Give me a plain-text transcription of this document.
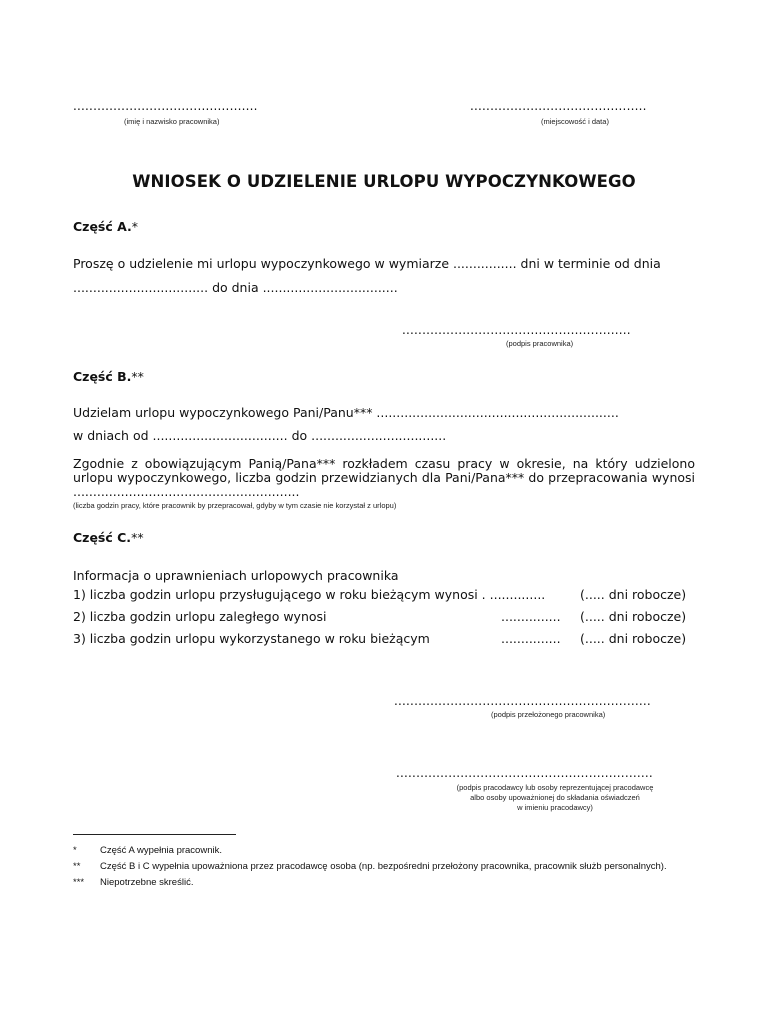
..............................................
(imię i nazwisko pracownika)
............................................
(miejscowość i data)
WNIOSEK O UDZIELENIE URLOPU WYPOCZYNKOWEGO
Część A.*
Proszę o udzielenie mi urlopu wypoczynkowego w wymiarze ................ dni w terminie od dnia
.................................. do dnia ..................................
.........................................................
(podpis pracownika)
Część B.**
Udzielam urlopu wypoczynkowego Pani/Panu*** .............................................................
w dniach od .................................. do ..................................
Zgodnie z obowiązującym Panią/Pana*** rozkładem czasu pracy w okresie, na który udzielono urlopu wypoczynkowego, liczba godzin przewidzianych dla Pani/Pana*** do przepracowania wynosi .........................................................
(liczba godzin pracy, które pracownik by przepracował, gdyby w tym czasie nie korzystał z urlopu)
Część C.**
Informacja o uprawnieniach urlopowych pracownika
1) liczba godzin urlopu przysługującego w roku bieżącym wynosi . ..............	(..... dni robocze)
2) liczba godzin urlopu zaległego wynosi	............... (..... dni robocze)
3) liczba godzin urlopu wykorzystanego w roku bieżącym	............... (..... dni robocze)
................................................................
(podpis przełożonego pracownika)
................................................................
(podpis pracodawcy lub osoby reprezentującej pracodawcę
albo osoby upoważnionej do składania oświadczeń
w imieniu pracodawcy)
* Część A wypełnia pracownik.
** Część B i C wypełnia upoważniona przez pracodawcę osoba (np. bezpośredni przełożony pracownika, pracownik służb personalnych).
*** Niepotrzebne skreślić.
